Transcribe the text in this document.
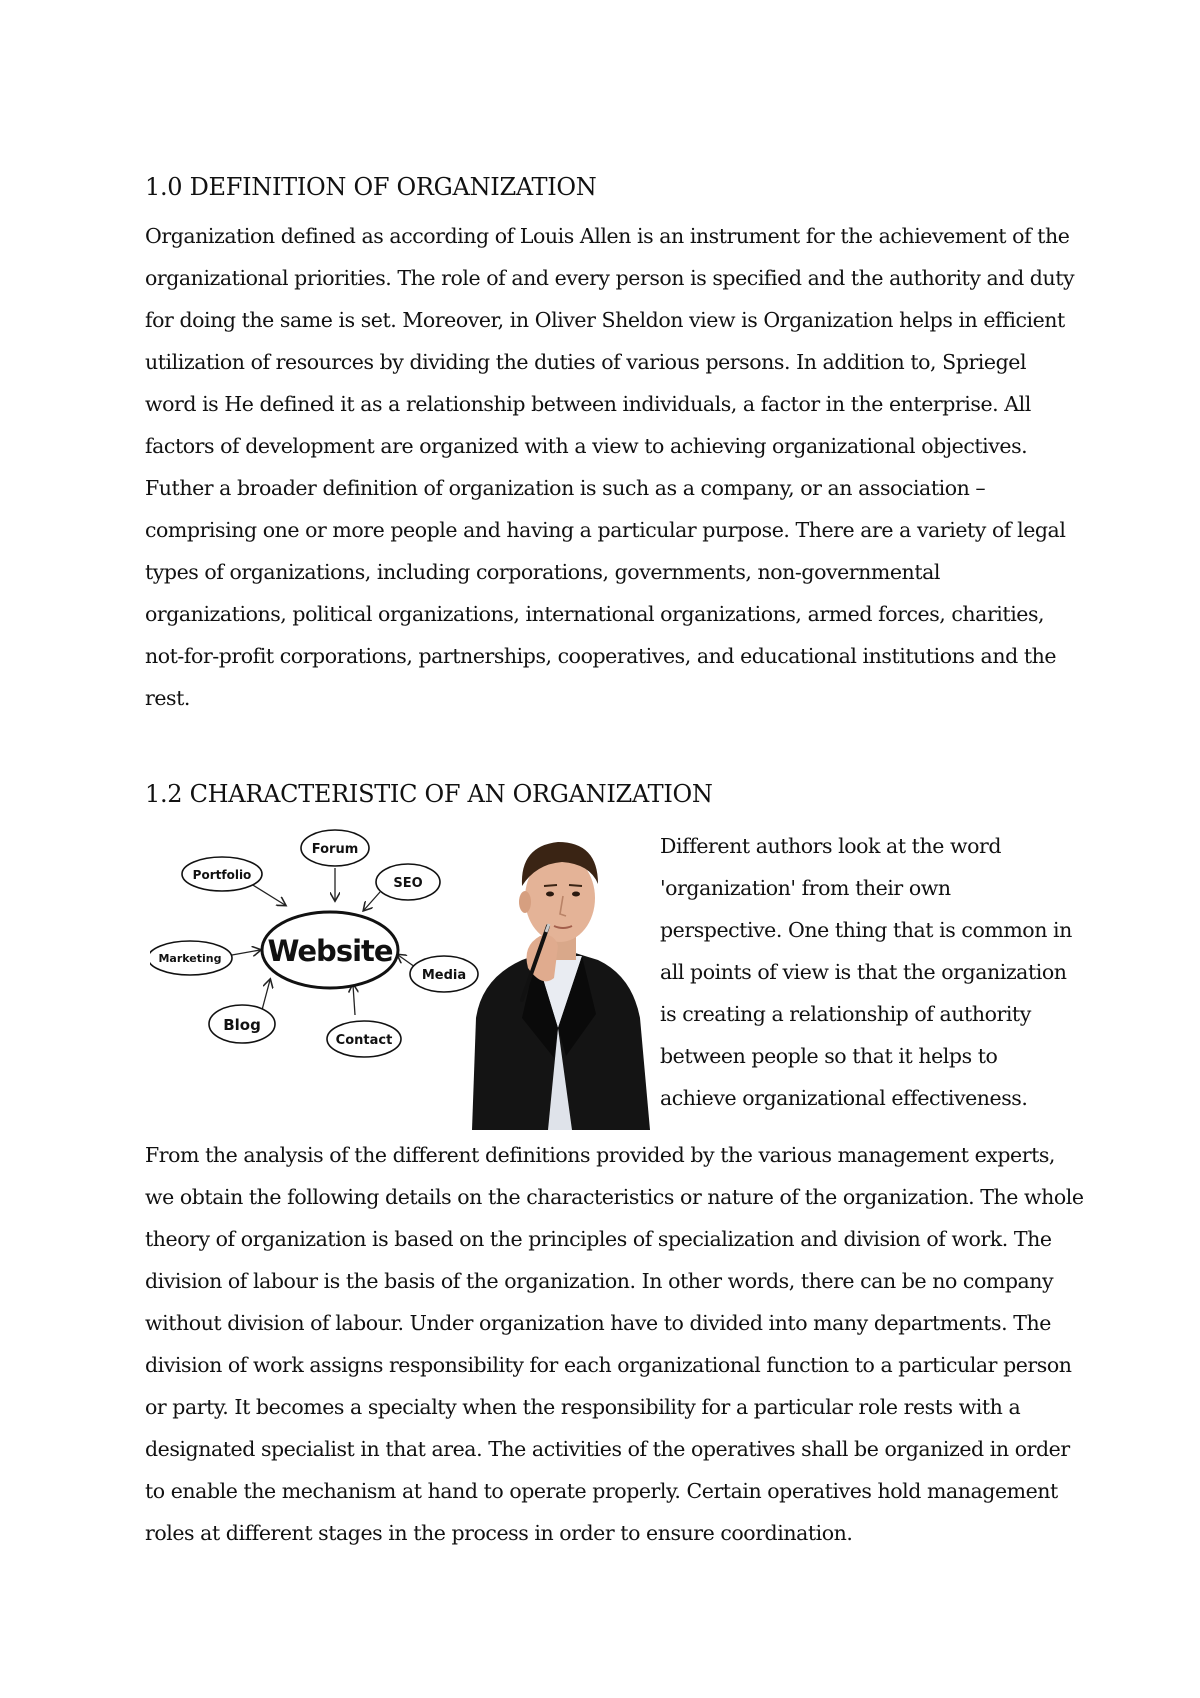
1.0 DEFINITION OF ORGANIZATION
Organization defined as according of Louis Allen is an instrument for the achievement of the
organizational priorities. The role of and every person is specified and the authority and duty
for doing the same is set. Moreover, in Oliver Sheldon view is Organization helps in efficient
utilization of resources by dividing the duties of various persons. In addition to, Spriegel
word is He defined it as a relationship between individuals, a factor in the enterprise. All
factors of development are organized with a view to achieving organizational objectives.
Futher a broader definition of organization is such as a company, or an association –
comprising one or more people and having a particular purpose. There are a variety of legal
types of organizations, including corporations, governments, non-governmental
organizations, political organizations, international organizations, armed forces, charities,
not-for-profit corporations, partnerships, cooperatives, and educational institutions and the
rest.
1.2 CHARACTERISTIC OF AN ORGANIZATION
Website
Forum
Portfolio
SEO
Marketing
Media
Blog
Contact
Different authors look at the word
'organization' from their own
perspective. One thing that is common in
all points of view is that the organization
is creating a relationship of authority
between people so that it helps to
achieve organizational effectiveness.
From the analysis of the different definitions provided by the various management experts,
we obtain the following details on the characteristics or nature of the organization. The whole
theory of organization is based on the principles of specialization and division of work. The
division of labour is the basis of the organization. In other words, there can be no company
without division of labour. Under organization have to divided into many departments. The
division of work assigns responsibility for each organizational function to a particular person
or party. It becomes a specialty when the responsibility for a particular role rests with a
designated specialist in that area. The activities of the operatives shall be organized in order
to enable the mechanism at hand to operate properly. Certain operatives hold management
roles at different stages in the process in order to ensure coordination.
